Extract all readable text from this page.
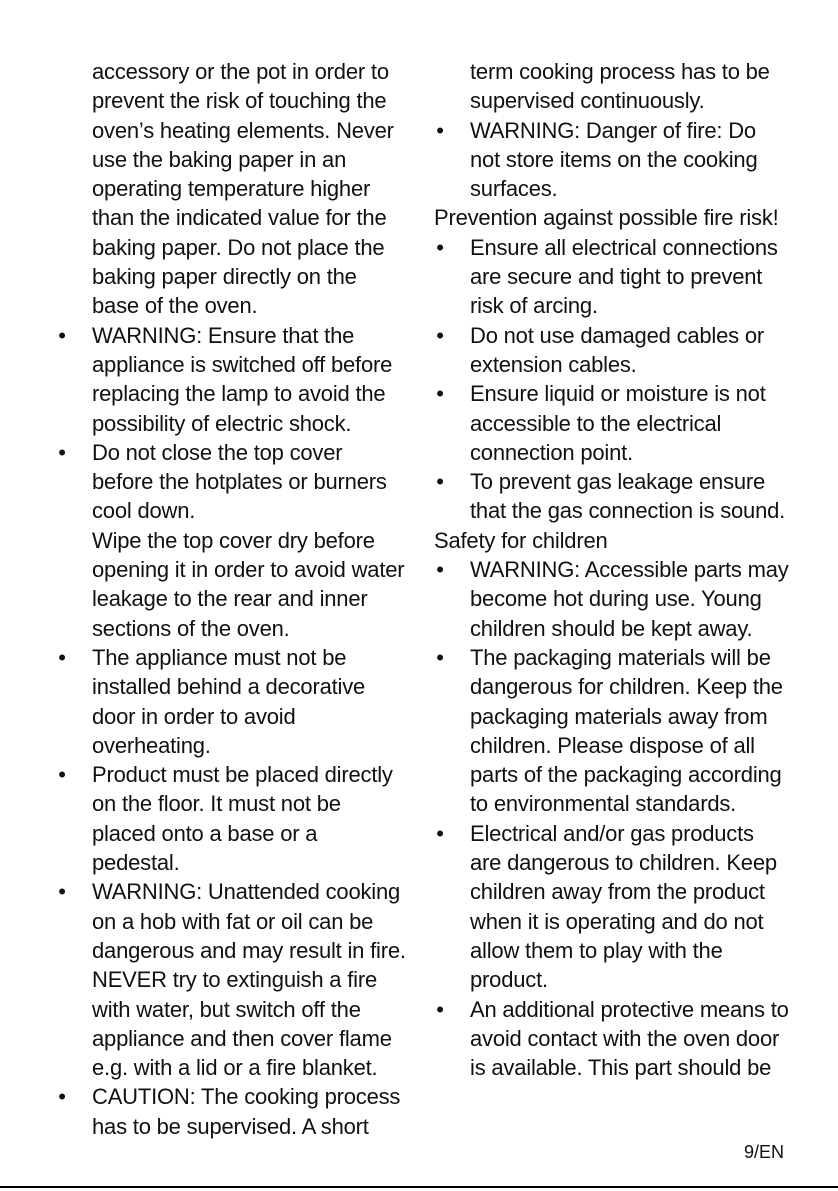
accessory or the pot in order to prevent the risk of touching the oven’s heating elements. Never use the baking paper in an operating temperature higher than the indicated value for the baking paper. Do not place the baking paper directly on the base of the oven.
• WARNING: Ensure that the appliance is switched off before replacing the lamp to avoid the possibility of electric shock.
• Do not close the top cover before the hotplates or burners cool down.
Wipe the top cover dry before opening it in order to avoid water leakage to the rear and inner sections of the oven.
• The appliance must not be installed behind a decorative door in order to avoid overheating.
• Product must be placed directly on the floor. It must not be placed onto a base or a pedestal.
• WARNING: Unattended cooking on a hob with fat or oil can be dangerous and may result in fire. NEVER try to extinguish a fire with water, but switch off the appliance and then cover flame e.g. with a lid or a fire blanket.
• CAUTION: The cooking process has to be supervised. A short
term cooking process has to be supervised continuously.
• WARNING: Danger of fire: Do not store items on the cooking surfaces.
Prevention against possible fire risk!
• Ensure all electrical connections are secure and tight to prevent risk of arcing.
• Do not use damaged cables or extension cables.
• Ensure liquid or moisture is not accessible to the electrical connection point.
• To prevent gas leakage ensure that the gas connection is sound.
Safety for children
• WARNING: Accessible parts may become hot during use. Young children should be kept away.
• The packaging materials will be dangerous for children. Keep the packaging materials away from children. Please dispose of all parts of the packaging according to environmental standards.
• Electrical and/or gas products are dangerous to children. Keep children away from the product when it is operating and do not allow them to play with the product.
• An additional protective means to avoid contact with the oven door is available. This part should be
9/EN
